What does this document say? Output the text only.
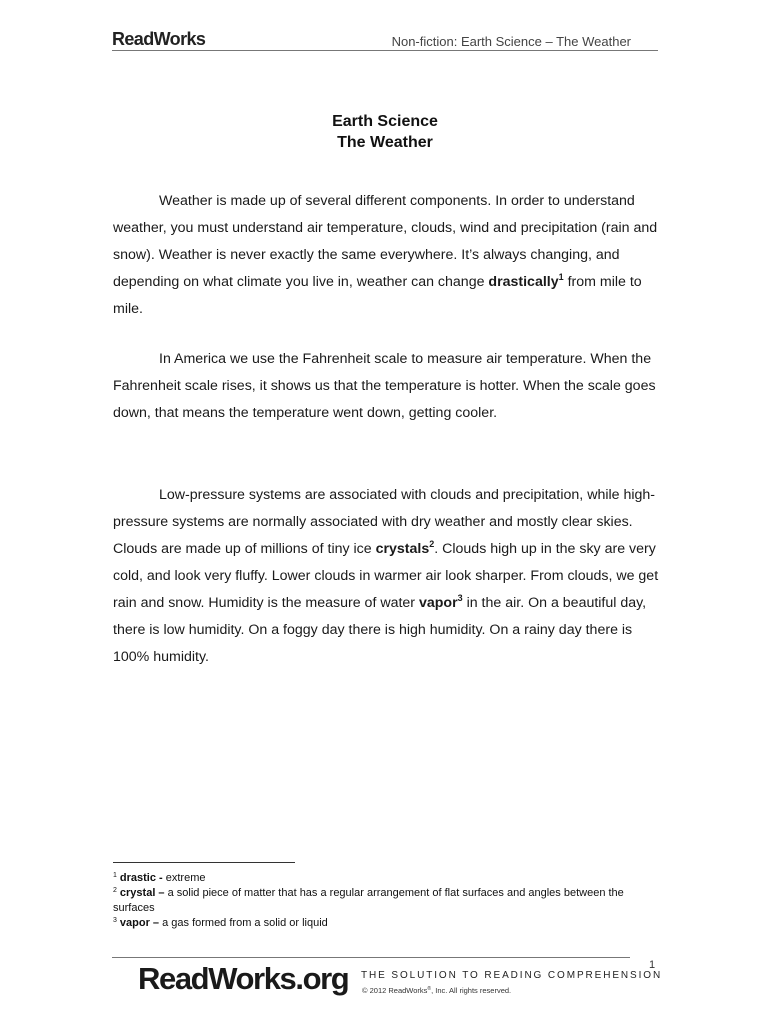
ReadWorks	Non-fiction: Earth Science – The Weather
Earth Science
The Weather

Weather is made up of several different components. In order to understand weather, you must understand air temperature, clouds, wind and precipitation (rain and snow). Weather is never exactly the same everywhere. It’s always changing, and depending on what climate you live in, weather can change drastically$^1$ from mile to mile.

In America we use the Fahrenheit scale to measure air temperature. When the Fahrenheit scale rises, it shows us that the temperature is hotter. When the scale goes down, that means the temperature went down, getting cooler.

Low-pressure systems are associated with clouds and precipitation, while high-pressure systems are normally associated with dry weather and mostly clear skies. Clouds are made up of millions of tiny ice crystals$^2$. Clouds high up in the sky are very cold, and look very fluffy. Lower clouds in warmer air look sharper. From clouds, we get rain and snow. Humidity is the measure of water vapor$^3$ in the air. On a beautiful day, there is low humidity. On a foggy day there is high humidity. On a rainy day there is 100% humidity.

$^1$ drastic - extreme

$^2$ crystal – a solid piece of matter that has a regular arrangement of flat surfaces and angles between the surfaces

$^3$ vapor – a gas formed from a solid or liquid

1
ReadWorks.org THE SOLUTION TO READING COMPREHENSION
© 2012 ReadWorks®, Inc. All rights reserved.
